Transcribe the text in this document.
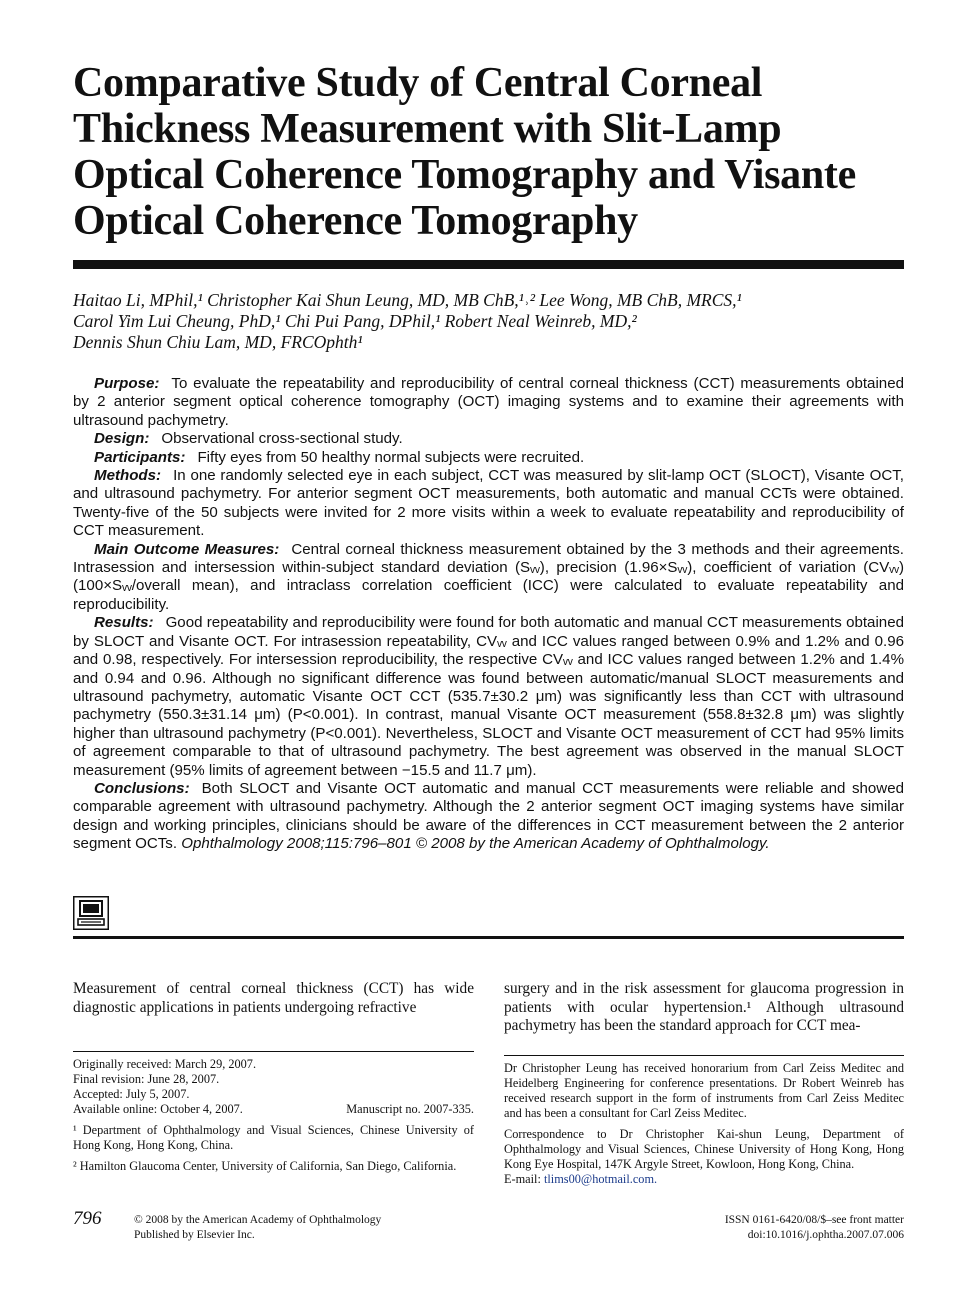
Comparative Study of Central Corneal Thickness Measurement with Slit-Lamp Optical Coherence Tomography and Visante Optical Coherence Tomography
Haitao Li, MPhil,¹ Christopher Kai Shun Leung, MD, MB ChB,¹˒² Lee Wong, MB ChB, MRCS,¹
Carol Yim Lui Cheung, PhD,¹ Chi Pui Pang, DPhil,¹ Robert Neal Weinreb, MD,²
Dennis Shun Chiu Lam, MD, FRCOphth¹

Purpose: To evaluate the repeatability and reproducibility of central corneal thickness (CCT) measurements obtained by 2 anterior segment optical coherence tomography (OCT) imaging systems and to examine their agreements with ultrasound pachymetry.

Design: Observational cross-sectional study.

Participants: Fifty eyes from 50 healthy normal subjects were recruited.

Methods: In one randomly selected eye in each subject, CCT was measured by slit-lamp OCT (SLOCT), Visante OCT, and ultrasound pachymetry. For anterior segment OCT measurements, both automatic and manual CCTs were obtained. Twenty-five of the 50 subjects were invited for 2 more visits within a week to evaluate repeatability and reproducibility of CCT measurement.

Main Outcome Measures: Central corneal thickness measurement obtained by the 3 methods and their agreements. Intrasession and intersession within-subject standard deviation (Sᵥᵥ), precision (1.96×Sᵥᵥ), coefficient of variation (CVᵥᵥ) (100×Sᵥᵥ/overall mean), and intraclass correlation coefficient (ICC) were calculated to evaluate repeatability and reproducibility.

Results: Good repeatability and reproducibility were found for both automatic and manual CCT measurements obtained by SLOCT and Visante OCT. For intrasession repeatability, CVᵥᵥ and ICC values ranged between 0.9% and 1.2% and 0.96 and 0.98, respectively. For intersession reproducibility, the respective CVᵥᵥ and ICC values ranged between 1.2% and 1.4% and 0.94 and 0.96. Although no significant difference was found between automatic/manual SLOCT measurements and ultrasound pachymetry, automatic Visante OCT CCT (535.7±30.2 μm) was significantly less than CCT with ultrasound pachymetry (550.3±31.14 μm) (P<0.001). In contrast, manual Visante OCT measurement (558.8±32.8 μm) was slightly higher than ultrasound pachymetry (P<0.001). Nevertheless, SLOCT and Visante OCT measurement of CCT had 95% limits of agreement comparable to that of ultrasound pachymetry. The best agreement was observed in the manual SLOCT measurement (95% limits of agreement between −15.5 and 11.7 μm).

Conclusions: Both SLOCT and Visante OCT automatic and manual CCT measurements were reliable and showed comparable agreement with ultrasound pachymetry. Although the 2 anterior segment OCT imaging systems have similar design and working principles, clinicians should be aware of the differences in CCT measurement between the 2 anterior segment OCTs. Ophthalmology 2008;115:796–801 © 2008 by the American Academy of Ophthalmology.

Measurement of central corneal thickness (CCT) has wide diagnostic applications in patients undergoing refractive

surgery and in the risk assessment for glaucoma progression in patients with ocular hypertension.¹ Although ultrasound pachymetry has been the standard approach for CCT mea-

Originally received: March 29, 2007.

Final revision: June 28, 2007.

Accepted: July 5, 2007.

Available online: October 4, 2007.	Manuscript no. 2007-335.

¹ Department of Ophthalmology and Visual Sciences, Chinese University of Hong Kong, Hong Kong, China.

² Hamilton Glaucoma Center, University of California, San Diego, California.

Dr Christopher Leung has received honorarium from Carl Zeiss Meditec and Heidelberg Engineering for conference presentations. Dr Robert Weinreb has received research support in the form of instruments from Carl Zeiss Meditec and has been a consultant for Carl Zeiss Meditec.

Correspondence to Dr Christopher Kai-shun Leung, Department of Ophthalmology and Visual Sciences, Chinese University of Hong Kong, Hong Kong Eye Hospital, 147K Argyle Street, Kowloon, Hong Kong, China.
E-mail: tlims00@hotmail.com.

796	© 2008 by the American Academy of Ophthalmology
Published by Elsevier Inc.
ISSN 0161-6420/08/$–see front matter
doi:10.1016/j.ophtha.2007.07.006
